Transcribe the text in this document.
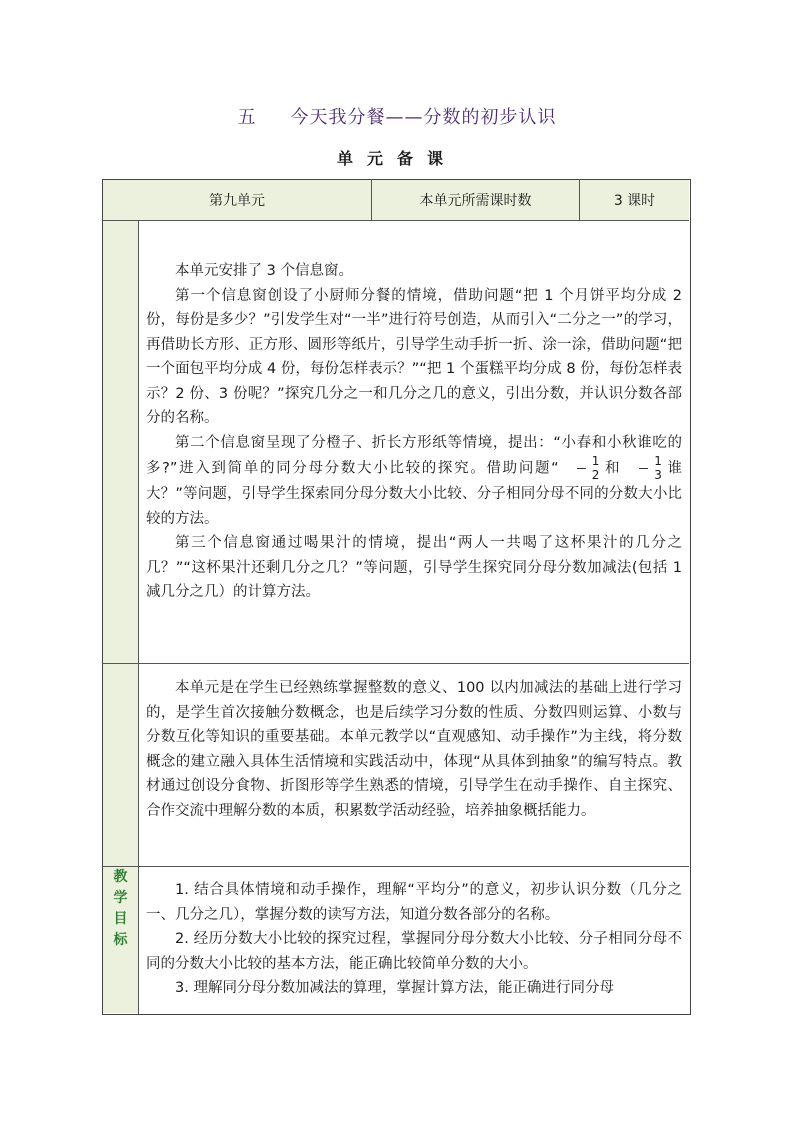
五 今天我分餐——分数的初步认识
单元备课
第九单元	本单元所需课时数	3 课时

本单元安排了 3 个信息窗。

第一个信息窗创设了小厨师分餐的情境，借助问题“把 1 个月饼平均分成 2 份，每份是多少？”引发学生对“一半”进行符号创造，从而引入“二分之一”的学习，再借助长方形、正方形、圆形等纸片，引导学生动手折一折、涂一涂，借助问题“把一个面包平均分成 4 份，每份怎样表示？”“把 1 个蛋糕平均分成 8 份，每份怎样表示？2 份、3 份呢？”探究几分之一和几分之几的意义，引出分数，并认识分数各部分的名称。

第二个信息窗呈现了分橙子、折长方形纸等情境，提出：“小春和小秋谁吃的多?”进入到简单的同分母分数大小比较的探究。借助问题“ $\frac{1}{2}$ 和 $\frac{1}{3}$ 谁大？”等问题，引导学生探索同分母分数大小比较、分子相同分母不同的分数大小比较的方法。

第三个信息窗通过喝果汁的情境，提出“两人一共喝了这杯果汁的几分之几？”“这杯果汁还剩几分之几？”等问题，引导学生探究同分母分数加减法(包括 1 减几分之几）的计算方法。

本单元是在学生已经熟练掌握整数的意义、100 以内加减法的基础上进行学习的，是学生首次接触分数概念，也是后续学习分数的性质、分数四则运算、小数与分数互化等知识的重要基础。本单元教学以“直观感知、动手操作”为主线，将分数概念的建立融入具体生活情境和实践活动中，体现“从具体到抽象”的编写特点。教材通过创设分食物、折图形等学生熟悉的情境，引导学生在动手操作、自主探究、合作交流中理解分数的本质，积累数学活动经验，培养抽象概括能力。

教
学
目
标

1. 结合具体情境和动手操作，理解“平均分”的意义，初步认识分数（几分之一、几分之几），掌握分数的读写方法，知道分数各部分的名称。

2. 经历分数大小比较的探究过程，掌握同分母分数大小比较、分子相同分母不同的分数大小比较的基本方法，能正确比较简单分数的大小。

3. 理解同分母分数加减法的算理，掌握计算方法，能正确进行同分母
